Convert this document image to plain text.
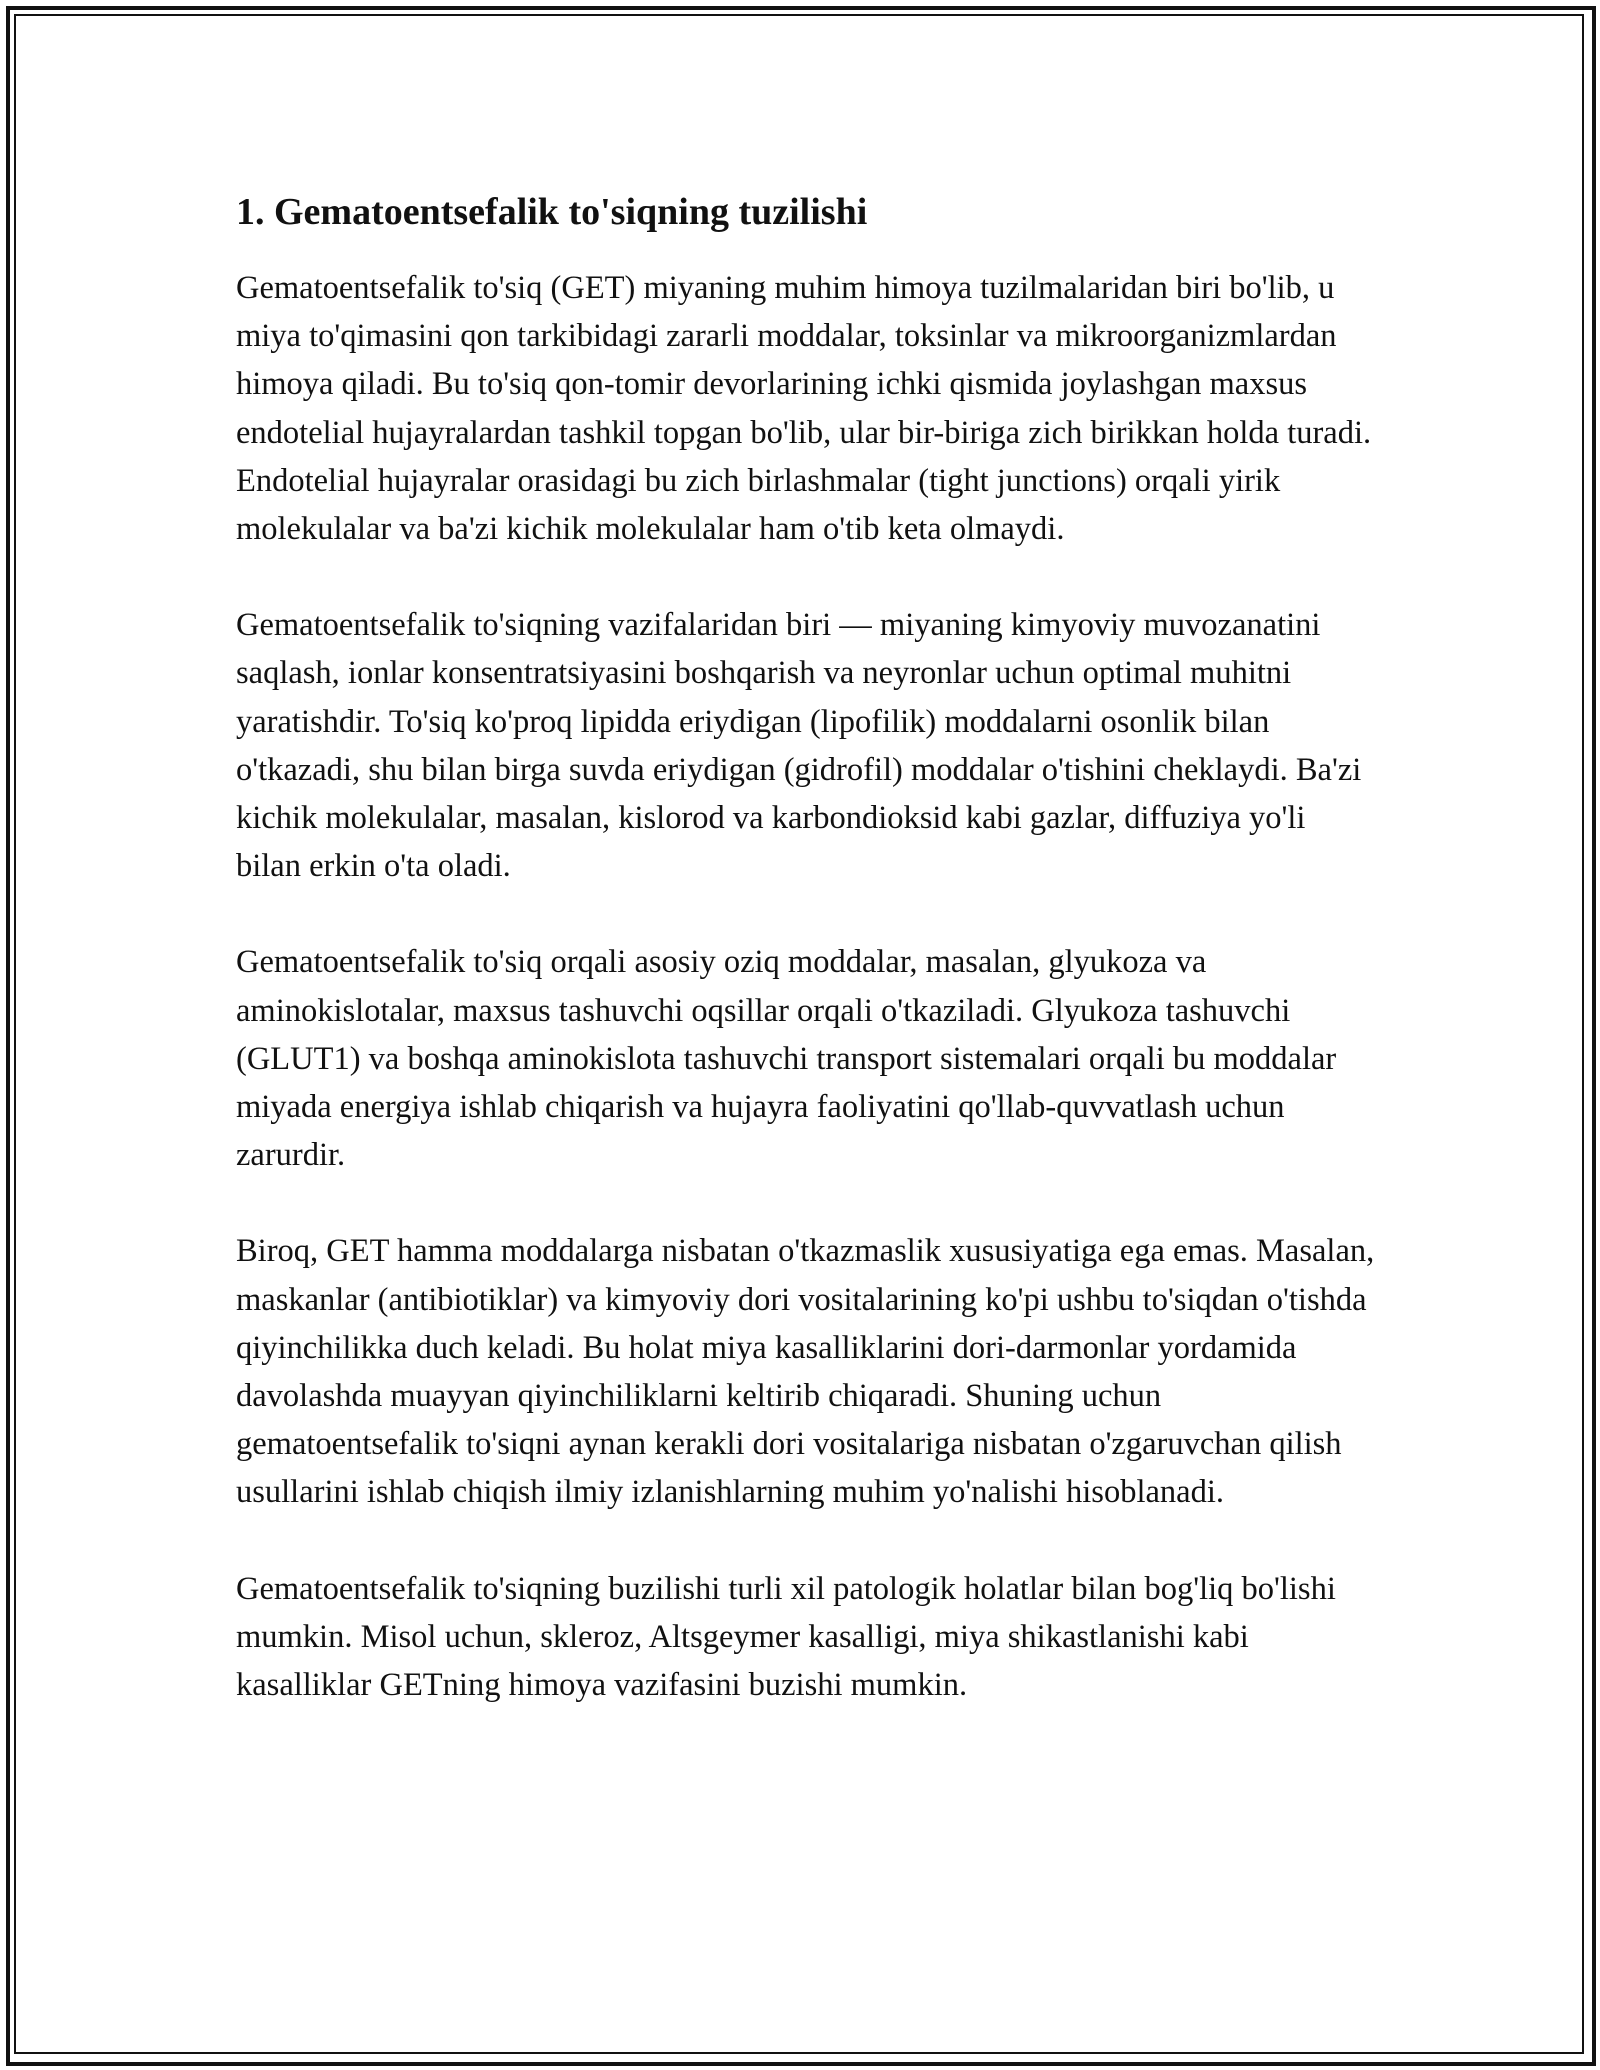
1. Gematoentsefalik to'siqning tuzilishi

Gematoentsefalik to'siq (GET) miyaning muhim himoya tuzilmalaridan biri bo'lib, u miya to'qimasini qon tarkibidagi zararli moddalar, toksinlar va mikroorganizmlardan himoya qiladi. Bu to'siq qon-tomir devorlarining ichki qismida joylashgan maxsus endotelial hujayralardan tashkil topgan bo'lib, ular bir-biriga zich birikkan holda turadi. Endotelial hujayralar orasidagi bu zich birlashmalar (tight junctions) orqali yirik molekulalar va ba'zi kichik molekulalar ham o'tib keta olmaydi.

Gematoentsefalik to'siqning vazifalaridan biri — miyaning kimyoviy muvozanatini saqlash, ionlar konsentratsiyasini boshqarish va neyronlar uchun optimal muhitni yaratishdir. To'siq ko'proq lipidda eriydigan (lipofilik) moddalarni osonlik bilan o'tkazadi, shu bilan birga suvda eriydigan (gidrofil) moddalar o'tishini cheklaydi. Ba'zi kichik molekulalar, masalan, kislorod va karbondioksid kabi gazlar, diffuziya yo'li bilan erkin o'ta oladi.

Gematoentsefalik to'siq orqali asosiy oziq moddalar, masalan, glyukoza va aminokislotalar, maxsus tashuvchi oqsillar orqali o'tkaziladi. Glyukoza tashuvchi (GLUT1) va boshqa aminokislota tashuvchi transport sistemalari orqali bu moddalar miyada energiya ishlab chiqarish va hujayra faoliyatini qo'llab-quvvatlash uchun zarurdir.

Biroq, GET hamma moddalarga nisbatan o'tkazmaslik xususiyatiga ega emas. Masalan, maskanlar (antibiotiklar) va kimyoviy dori vositalarining ko'pi ushbu to'siqdan o'tishda qiyinchilikka duch keladi. Bu holat miya kasalliklarini dori-darmonlar yordamida davolashda muayyan qiyinchiliklarni keltirib chiqaradi. Shuning uchun gematoentsefalik to'siqni aynan kerakli dori vositalariga nisbatan o'zgaruvchan qilish usullarini ishlab chiqish ilmiy izlanishlarning muhim yo'nalishi hisoblanadi.

Gematoentsefalik to'siqning buzilishi turli xil patologik holatlar bilan bog'liq bo'lishi mumkin. Misol uchun, skleroz, Altsgeymer kasalligi, miya shikastlanishi kabi kasalliklar GETning himoya vazifasini buzishi mumkin.
